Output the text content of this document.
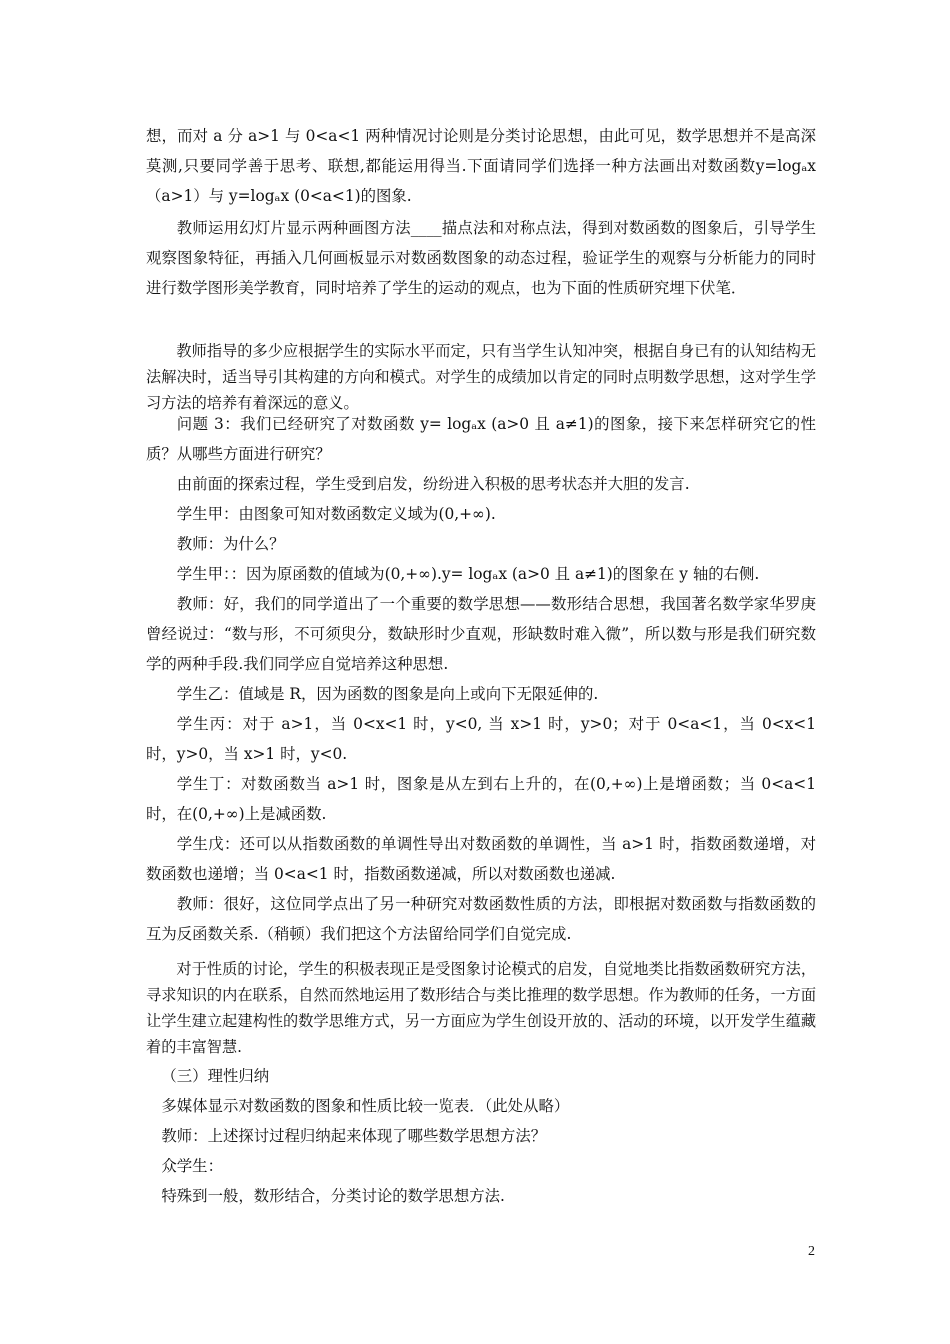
想，而对 a 分 a>1 与 0<a<1 两种情况讨论则是分类讨论思想，由此可见，数学思想并不是高深莫测,只要同学善于思考、联想,都能运用得当.下面请同学们选择一种方法画出对数函数y=logₐx（a>1）与 y=logₐx (0<a<1)的图象.

教师运用幻灯片显示两种画图方法____描点法和对称点法，得到对数函数的图象后，引导学生观察图象特征，再插入几何画板显示对数函数图象的动态过程，验证学生的观察与分析能力的同时进行数学图形美学教育，同时培养了学生的运动的观点，也为下面的性质研究埋下伏笔．

教师指导的多少应根据学生的实际水平而定，只有当学生认知冲突，根据自身已有的认知结构无法解决时，适当导引其构建的方向和模式。对学生的成绩加以肯定的同时点明数学思想，这对学生学习方法的培养有着深远的意义。

问题 3：我们已经研究了对数函数 y= logₐx (a>0 且 a≠1)的图象，接下来怎样研究它的性质？从哪些方面进行研究？

由前面的探索过程，学生受到启发，纷纷进入积极的思考状态并大胆的发言.

学生甲：由图象可知对数函数定义域为(0,+∞).

教师：为什么？

学生甲：：因为原函数的值域为(0,+∞).y= logₐx (a>0 且 a≠1)的图象在 y 轴的右侧.

教师：好，我们的同学道出了一个重要的数学思想——数形结合思想，我国著名数学家华罗庚曾经说过：“数与形，不可须臾分，数缺形时少直观，形缺数时难入微”，所以数与形是我们研究数学的两种手段.我们同学应自觉培养这种思想.

学生乙：值域是 R，因为函数的图象是向上或向下无限延伸的.

学生丙：对于 a>1，当 0<x<1 时，y<0, 当 x>1 时，y>0；对于 0<a<1，当 0<x<1 时，y>0，当 x>1 时，y<0.

学生丁：对数函数当 a>1 时，图象是从左到右上升的，在(0,+∞)上是增函数；当 0<a<1 时，在(0,+∞)上是减函数.

学生戊：还可以从指数函数的单调性导出对数函数的单调性，当 a>1 时，指数函数递增，对数函数也递增；当 0<a<1 时，指数函数递减，所以对数函数也递减.

教师：很好，这位同学点出了另一种研究对数函数性质的方法，即根据对数函数与指数函数的互为反函数关系.（稍顿）我们把这个方法留给同学们自觉完成.

对于性质的讨论，学生的积极表现正是受图象讨论模式的启发，自觉地类比指数函数研究方法，寻求知识的内在联系，自然而然地运用了数形结合与类比推理的数学思想。作为教师的任务，一方面让学生建立起建构性的数学思维方式，另一方面应为学生创设开放的、活动的环境，以开发学生蕴藏着的丰富智慧.

（三）理性归纳

多媒体显示对数函数的图象和性质比较一览表．（此处从略）

教师：上述探讨过程归纳起来体现了哪些数学思想方法？

众学生：

特殊到一般，数形结合，分类讨论的数学思想方法.

2
